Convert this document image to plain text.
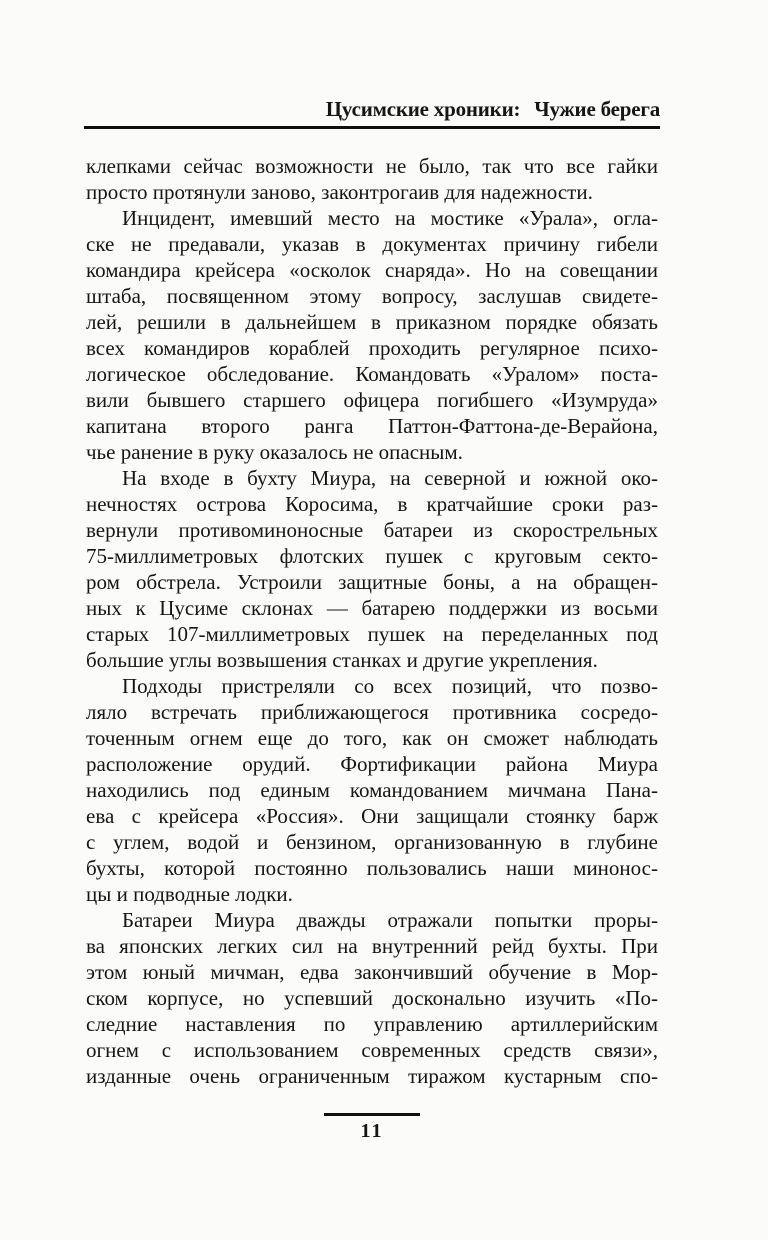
Цусимские хроники: Чужие берега
клепками сейчас возможности не было, так что все гайки
просто протянули заново, законтрогаив для надежности.
Инцидент, имевший место на мостике «Урала», огла-
ске не предавали, указав в документах причину гибели
командира крейсера «осколок снаряда». Но на совещании
штаба, посвященном этому вопросу, заслушав свидете-
лей, решили в дальнейшем в приказном порядке обязать
всех командиров кораблей проходить регулярное психо-
логическое обследование. Командовать «Уралом» поста-
вили бывшего старшего офицера погибшего «Изумруда»
капитана второго ранга Паттон-Фаттона-де-Верайона,
чье ранение в руку оказалось не опасным.
На входе в бухту Миура, на северной и южной око-
нечностях острова Коросима, в кратчайшие сроки раз-
вернули противоминоносные батареи из скорострельных
75-миллиметровых флотских пушек с круговым секто-
ром обстрела. Устроили защитные боны, а на обращен-
ных к Цусиме склонах — батарею поддержки из восьми
старых 107-миллиметровых пушек на переделанных под
большие углы возвышения станках и другие укрепления.
Подходы пристреляли со всех позиций, что позво-
ляло встречать приближающегося противника сосредо-
точенным огнем еще до того, как он сможет наблюдать
расположение орудий. Фортификации района Миура
находились под единым командованием мичмана Пана-
ева с крейсера «Россия». Они защищали стоянку барж
с углем, водой и бензином, организованную в глубине
бухты, которой постоянно пользовались наши минонос-
цы и подводные лодки.
Батареи Миура дважды отражали попытки проры-
ва японских легких сил на внутренний рейд бухты. При
этом юный мичман, едва закончивший обучение в Мор-
ском корпусе, но успевший досконально изучить «По-
следние наставления по управлению артиллерийским
огнем с использованием современных средств связи»,
изданные очень ограниченным тиражом кустарным спо-
11
